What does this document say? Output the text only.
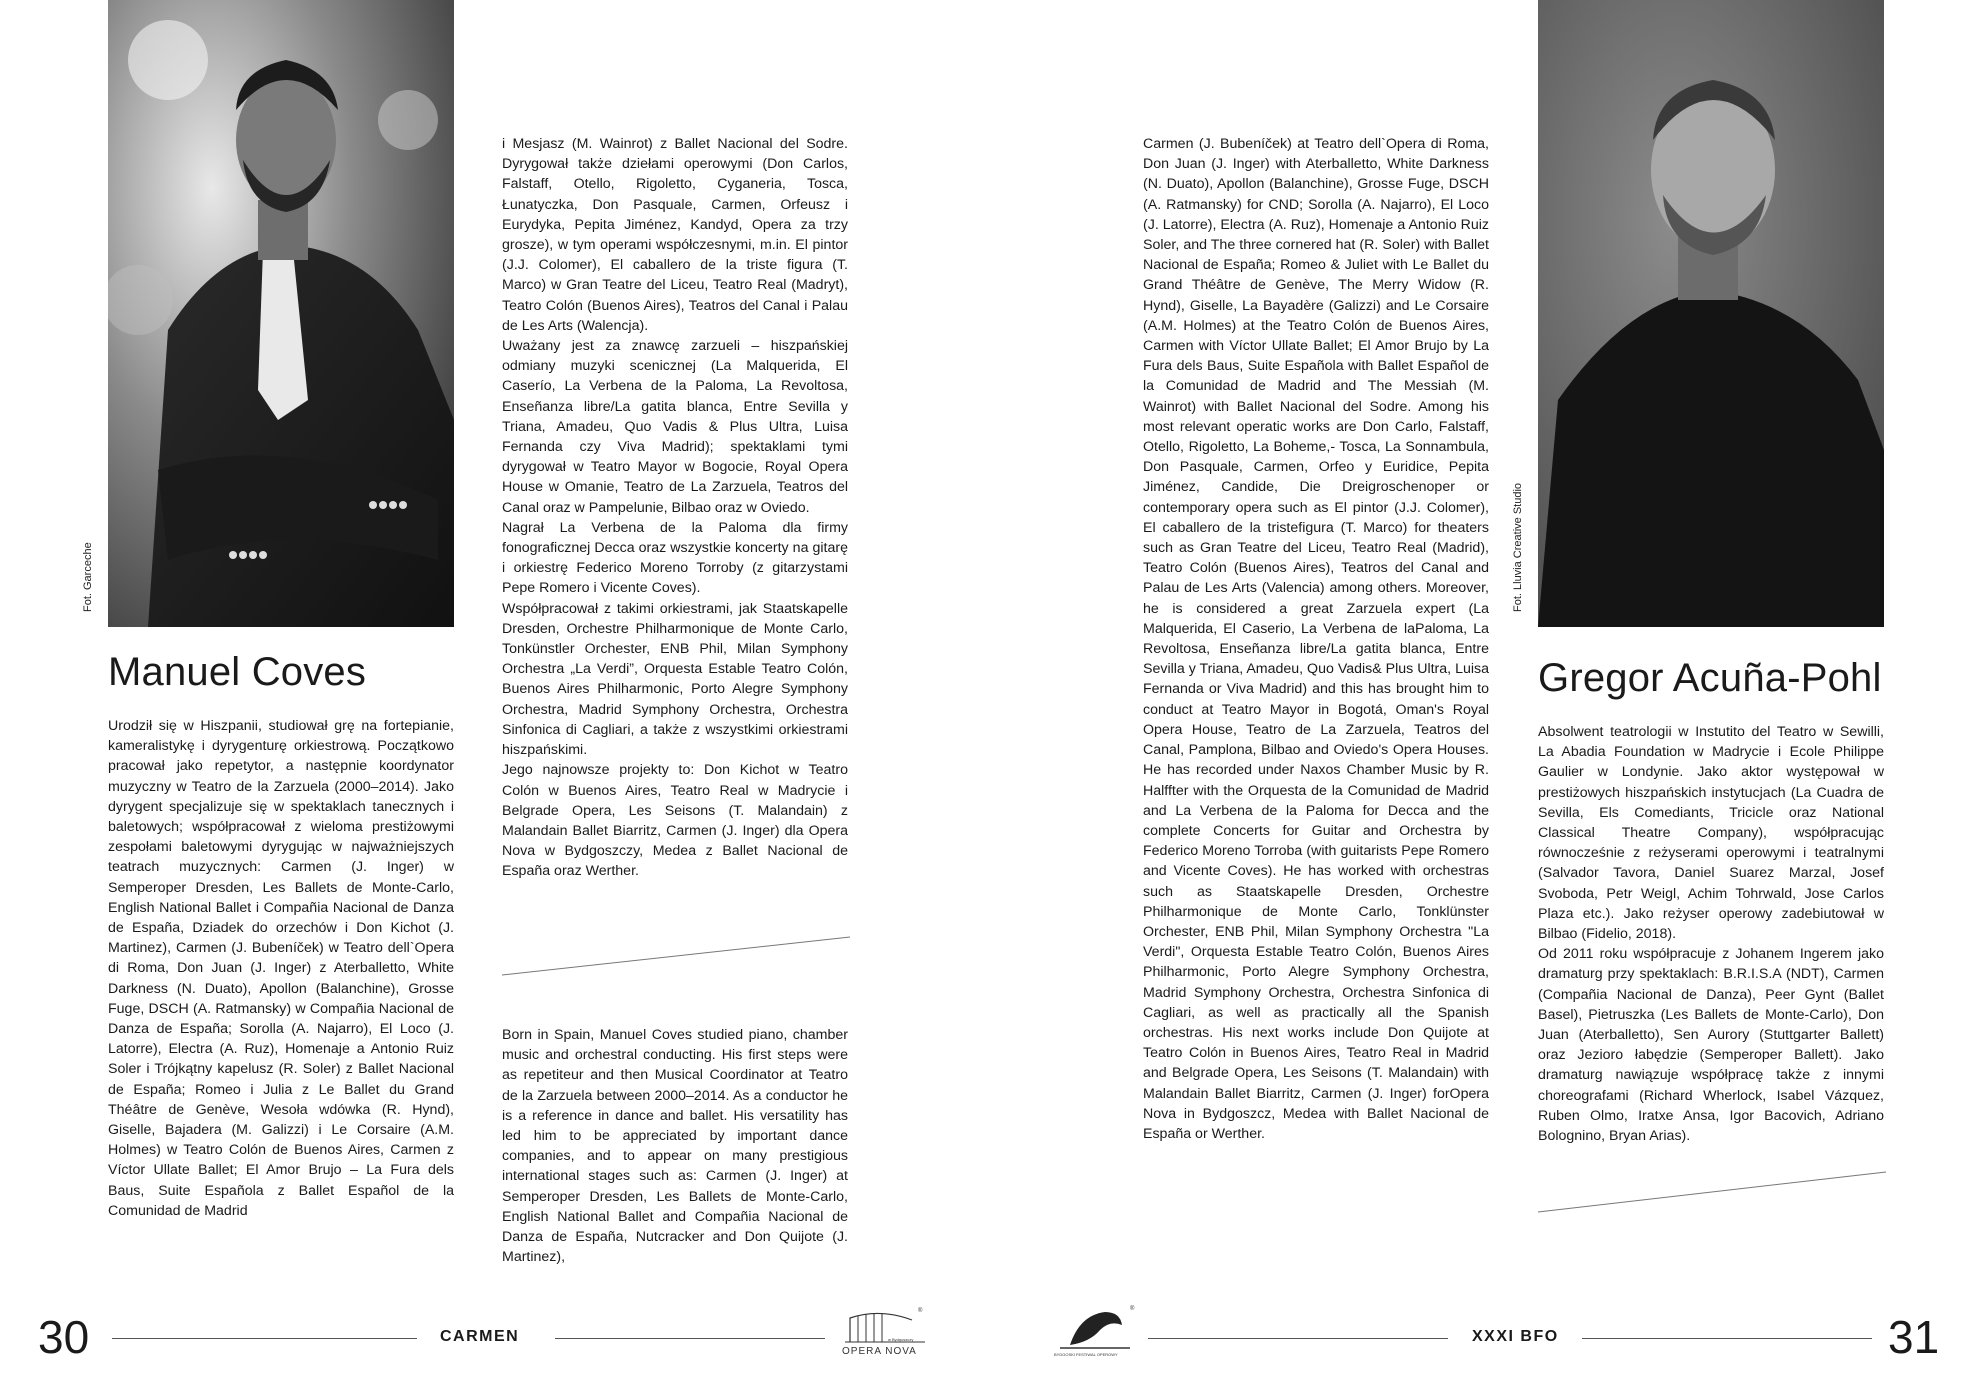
Fot. Garceche
Manuel Coves

Urodził się w Hiszpanii, studiował grę na fortepianie, kameralistykę i dyrygenturę orkiestrową. Początkowo pracował jako repetytor, a następnie koordynator muzyczny w Teatro de la Zarzuela (2000–2014). Jako dyrygent specjalizuje się w spektaklach tanecznych i baletowych; współpracował z wieloma prestiżowymi zespołami baletowymi dyrygując w najważniejszych teatrach muzycznych: Carmen (J. Inger) w Semperoper Dresden, Les Ballets de Monte-Carlo, English National Ballet i Compañia Nacional de Danza de España, Dziadek do orzechów i Don Kichot (J. Martinez), Carmen (J. Bubeníček) w Teatro dell`Opera di Roma, Don Juan (J. Inger) z Aterballetto, White Darkness (N. Duato), Apollon (Balanchine), Grosse Fuge, DSCH (A. Ratmansky) w Compañia Nacional de Danza de España; Sorolla (A. Najarro), El Loco (J. Latorre), Electra (A. Ruz), Homenaje a Antonio Ruiz Soler i Trójkątny kapelusz (R. Soler) z Ballet Nacional de España; Romeo i Julia z Le Ballet du Grand Théâtre de Genève, Wesoła wdówka (R. Hynd), Giselle, Bajadera (M. Galizzi) i Le Corsaire (A.M. Holmes) w Teatro Colón de Buenos Aires, Carmen z Víctor Ullate Ballet; El Amor Brujo – La Fura dels Baus, Suite Española z Ballet Español de la Comunidad de Madrid

i Mesjasz (M. Wainrot) z Ballet Nacional del Sodre. Dyrygował także dziełami operowymi (Don Carlos, Falstaff, Otello, Rigoletto, Cyganeria, Tosca, Łunatyczka, Don Pasquale, Carmen, Orfeusz i Eurydyka, Pepita Jiménez, Kandyd, Opera za trzy grosze), w tym operami współczesnymi, m.in. El pintor (J.J. Colomer), El caballero de la triste figura (T. Marco) w Gran Teatre del Liceu, Teatro Real (Madryt), Teatro Colón (Buenos Aires), Teatros del Canal i Palau de Les Arts (Walencja).

Uważany jest za znawcę zarzueli – hiszpańskiej odmiany muzyki scenicznej (La Malquerida, El Caserío, La Verbena de la Paloma, La Revoltosa, Enseñanza libre/La gatita blanca, Entre Sevilla y Triana, Amadeu, Quo Vadis & Plus Ultra, Luisa Fernanda czy Viva Madrid); spektaklami tymi dyrygował w Teatro Mayor w Bogocie, Royal Opera House w Omanie, Teatro de La Zarzuela, Teatros del Canal oraz w Pampelunie, Bilbao oraz w Oviedo.

Nagrał La Verbena de la Paloma dla firmy fonograficznej Decca oraz wszystkie koncerty na gitarę i orkiestrę Federico Moreno Torroby (z gitarzystami Pepe Romero i Vicente Coves).

Współpracował z takimi orkiestrami, jak Staatskapelle Dresden, Orchestre Philharmonique de Monte Carlo, Tonkünstler Orchester, ENB Phil, Milan Symphony Orchestra „La Verdi”, Orquesta Estable Teatro Colón, Buenos Aires Philharmonic, Porto Alegre Symphony Orchestra, Madrid Symphony Orchestra, Orchestra Sinfonica di Cagliari, a także z wszystkimi orkiestrami hiszpańskimi.

Jego najnowsze projekty to: Don Kichot w Teatro Colón w Buenos Aires, Teatro Real w Madrycie i Belgrade Opera, Les Seisons (T. Malandain) z Malandain Ballet Biarritz, Carmen (J. Inger) dla Opera Nova w Bydgoszczy, Medea z Ballet Nacional de España oraz Werther.

Born in Spain, Manuel Coves studied piano, chamber music and orchestral conducting. His first steps were as repetiteur and then Musical Coordinator at Teatro de la Zarzuela between 2000–2014. As a conductor he is a reference in dance and ballet. His versatility has led him to be appreciated by important dance companies, and to appear on many prestigious international stages such as: Carmen (J. Inger) at Semperoper Dresden, Les Ballets de Monte-Carlo, English National Ballet and Compañia Nacional de Danza de España, Nutcracker and Don Quijote (J. Martinez),

30	CARMEN
®
OPERA NOVA
w Bydgoszczy

Carmen (J. Bubeníček) at Teatro dell`Opera di Roma, Don Juan (J. Inger) with Aterballetto, White Darkness (N. Duato), Apollon (Balanchine), Grosse Fuge, DSCH (A. Ratmansky) for CND; Sorolla (A. Najarro), El Loco (J. Latorre), Electra (A. Ruz), Homenaje a Antonio Ruiz Soler, and The three cornered hat (R. Soler) with Ballet Nacional de España; Romeo & Juliet with Le Ballet du Grand Théâtre de Genève, The Merry Widow (R. Hynd), Giselle, La Bayadère (Galizzi) and Le Corsaire (A.M. Holmes) at the Teatro Colón de Buenos Aires, Carmen with Víctor Ullate Ballet; El Amor Brujo by La Fura dels Baus, Suite Española with Ballet Español de la Comunidad de Madrid and The Messiah (M. Wainrot) with Ballet Nacional del Sodre. Among his most relevant operatic works are Don Carlo, Falstaff, Otello, Rigoletto, La Boheme,- Tosca, La Sonnambula, Don Pasquale, Carmen, Orfeo y Euridice, Pepita Jiménez, Candide, Die Dreigroschenoper or contemporary opera such as El pintor (J.J. Colomer), El caballero de la tristefigura (T. Marco) for theaters such as Gran Teatre del Liceu, Teatro Real (Madrid), Teatro Colón (Buenos Aires), Teatros del Canal and Palau de Les Arts (Valencia) among others. Moreover, he is considered a great Zarzuela expert (La Malquerida, El Caserio, La Verbena de laPaloma, La Revoltosa, Enseñanza libre/La gatita blanca, Entre Sevilla y Triana, Amadeu, Quo Vadis& Plus Ultra, Luisa Fernanda or Viva Madrid) and this has brought him to conduct at Teatro Mayor in Bogotá, Oman's Royal Opera House, Teatro de La Zarzuela, Teatros del Canal, Pamplona, Bilbao and Oviedo's Opera Houses. He has recorded under Naxos Chamber Music by R. Halffter with the Orquesta de la Comunidad de Madrid and La Verbena de la Paloma for Decca and the complete Concerts for Guitar and Orchestra by Federico Moreno Torroba (with guitarists Pepe Romero and Vicente Coves). He has worked with orchestras such as Staatskapelle Dresden, Orchestre Philharmonique de Monte Carlo, Tonklünster Orchester, ENB Phil, Milan Symphony Orchestra "La Verdi", Orquesta Estable Teatro Colón, Buenos Aires Philharmonic, Porto Alegre Symphony Orchestra, Madrid Symphony Orchestra, Orchestra Sinfonica di Cagliari, as well as practically all the Spanish orchestras. His next works include Don Quijote at Teatro Colón in Buenos Aires, Teatro Real in Madrid and Belgrade Opera, Les Seisons (T. Malandain) with Malandain Ballet Biarritz, Carmen (J. Inger) forOpera Nova in Bydgoszcz, Medea with Ballet Nacional de España or Werther.

Fot. Lluvia Creative Studio
Gregor Acuña-Pohl

Absolwent teatrologii w Instutito del Teatro w Sewilli, La Abadia Foundation w Madrycie i Ecole Philippe Gaulier w Londynie. Jako aktor występował w prestiżowych hiszpańskich instytucjach (La Cuadra de Sevilla, Els Comediants, Tricicle oraz National Classical Theatre Company), współpracując równocześnie z reżyserami operowymi i teatralnymi (Salvador Tavora, Daniel Suarez Marzal, Josef Svoboda, Petr Weigl, Achim Tohrwald, Jose Carlos Plaza etc.). Jako reżyser operowy zadebiutował w Bilbao (Fidelio, 2018).

Od 2011 roku współpracuje z Johanem Ingerem jako dramaturg przy spektaklach: B.R.I.S.A (NDT), Carmen (Compañia Nacional de Danza), Peer Gynt (Ballet Basel), Pietruszka (Les Ballets de Monte-Carlo), Don Juan (Aterballetto), Sen Aurory (Stuttgarter Ballett) oraz Jezioro łabędzie (Semperoper Ballett). Jako dramaturg nawiązuje współpracę także z innymi choreografami (Richard Wherlock, Isabel Vázquez, Ruben Olmo, Iratxe Ansa, Igor Bacovich, Adriano Bolognino, Bryan Arias).

®
BYDGOSKI FESTIWAL OPEROWY
XXXI BFO	31
